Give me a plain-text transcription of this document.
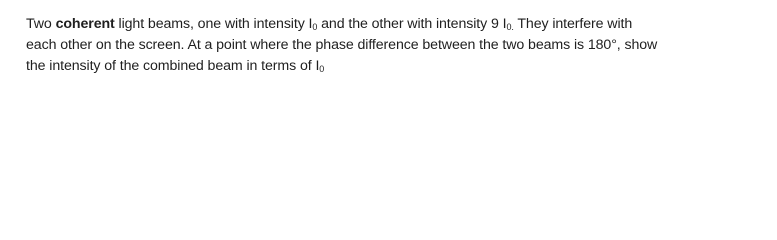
Two coherent light beams, one with intensity $I_0$ and the other with intensity 9 $I_{0.}$ They interfere with
each other on the screen. At a point where the phase difference between the two beams is 180°, show
the intensity of the combined beam in terms of $I_0$
